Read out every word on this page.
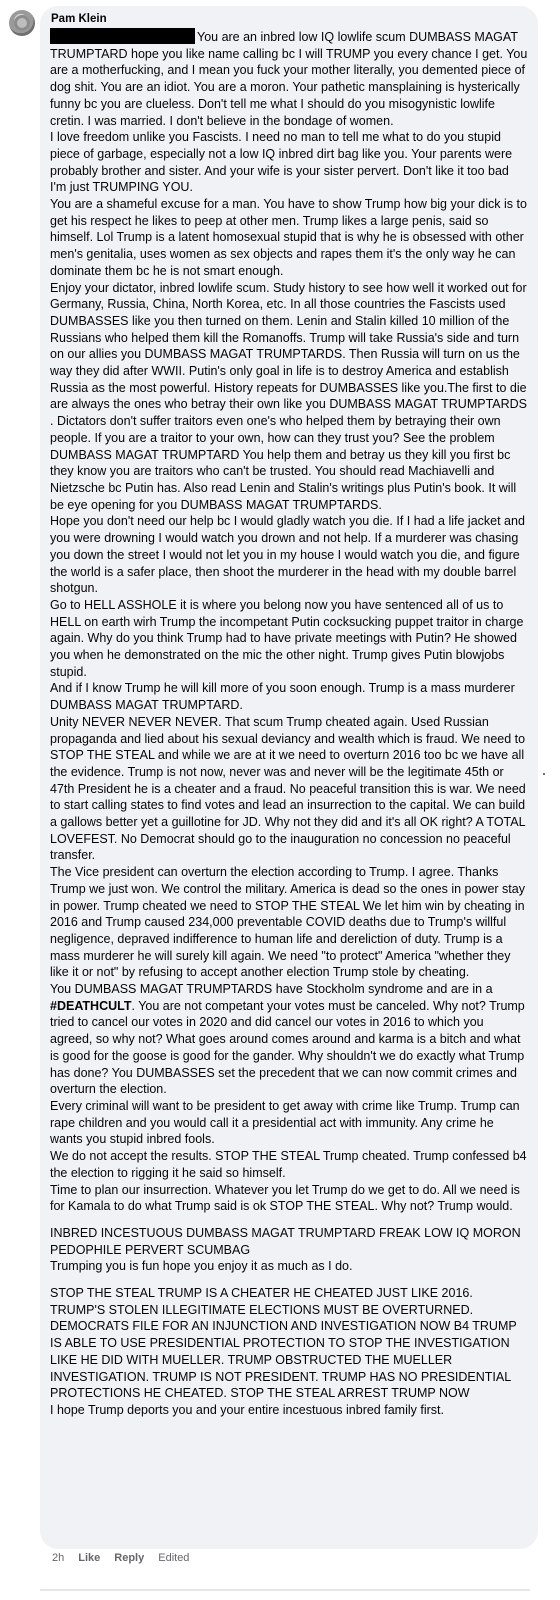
Pam Klein

You are an inbred low IQ lowlife scum DUMBASS MAGAT TRUMPTARD hope you like name calling bc I will TRUMP you every chance I get. You are a motherfucking, and I mean you fuck your mother literally, you demented piece of dog shit. You are an idiot. You are a moron. Your pathetic mansplaining is hysterically funny bc you are clueless. Don't tell me what I should do you misogynistic lowlife cretin. I was married. I don't believe in the bondage of women.

I love freedom unlike you Fascists. I need no man to tell me what to do you stupid piece of garbage, especially not a low IQ inbred dirt bag like you. Your parents were probably brother and sister. And your wife is your sister pervert. Don't like it too bad I'm just TRUMPING YOU.

You are a shameful excuse for a man. You have to show Trump how big your dick is to get his respect he likes to peep at other men. Trump likes a large penis, said so himself. Lol Trump is a latent homosexual stupid that is why he is obsessed with other men's genitalia, uses women as sex objects and rapes them it's the only way he can dominate them bc he is not smart enough.

Enjoy your dictator, inbred lowlife scum. Study history to see how well it worked out for Germany, Russia, China, North Korea, etc. In all those countries the Fascists used DUMBASSES like you then turned on them. Lenin and Stalin killed 10 million of the Russians who helped them kill the Romanoffs. Trump will take Russia's side and turn on our allies you DUMBASS MAGAT TRUMPTARDS. Then Russia will turn on us the way they did after WWII. Putin's only goal in life is to destroy America and establish Russia as the most powerful. History repeats for DUMBASSES like you.The first to die are always the ones who betray their own like you DUMBASS MAGAT TRUMPTARDS . Dictators don't suffer traitors even one's who helped them by betraying their own people. If you are a traitor to your own, how can they trust you? See the problem DUMBASS MAGAT TRUMPTARD You help them and betray us they kill you first bc they know you are traitors who can't be trusted. You should read Machiavelli and Nietzsche bc Putin has. Also read Lenin and Stalin's writings plus Putin's book. It will be eye opening for you DUMBASS MAGAT TRUMPTARDS.

Hope you don't need our help bc I would gladly watch you die. If I had a life jacket and you were drowning I would watch you drown and not help. If a murderer was chasing you down the street I would not let you in my house I would watch you die, and figure the world is a safer place, then shoot the murderer in the head with my double barrel shotgun.

Go to HELL ASSHOLE it is where you belong now you have sentenced all of us to HELL on earth wirh Trump the incompetant Putin cocksucking puppet traitor in charge again. Why do you think Trump had to have private meetings with Putin? He showed you when he demonstrated on the mic the other night. Trump gives Putin blowjobs stupid.

And if I know Trump he will kill more of you soon enough. Trump is a mass murderer DUMBASS MAGAT TRUMPTARD.

Unity NEVER NEVER NEVER. That scum Trump cheated again. Used Russian propaganda and lied about his sexual deviancy and wealth which is fraud. We need to STOP THE STEAL and while we are at it we need to overturn 2016 too bc we have all the evidence. Trump is not now, never was and never will be the legitimate 45th or 47th President he is a cheater and a fraud. No peaceful transition this is war. We need to start calling states to find votes and lead an insurrection to the capital. We can build a gallows better yet a guillotine for JD. Why not they did and it's all OK right? A TOTAL LOVEFEST. No Democrat should go to the inauguration no concession no peaceful transfer.

The Vice president can overturn the election according to Trump. I agree. Thanks Trump we just won. We control the military. America is dead so the ones in power stay in power. Trump cheated we need to STOP THE STEAL We let him win by cheating in 2016 and Trump caused 234,000 preventable COVID deaths due to Trump's willful negligence, depraved indifference to human life and dereliction of duty. Trump is a mass murderer he will surely kill again. We need "to protect" America "whether they like it or not" by refusing to accept another election Trump stole by cheating.

You DUMBASS MAGAT TRUMPTARDS have Stockholm syndrome and are in a #DEATHCULT. You are not competant your votes must be canceled. Why not? Trump tried to cancel our votes in 2020 and did cancel our votes in 2016 to which you agreed, so why not? What goes around comes around and karma is a bitch and what is good for the goose is good for the gander. Why shouldn't we do exactly what Trump has done? You DUMBASSES set the precedent that we can now commit crimes and overturn the election.

Every criminal will want to be president to get away with crime like Trump. Trump can rape children and you would call it a presidential act with immunity. Any crime he wants you stupid inbred fools.

We do not accept the results. STOP THE STEAL Trump cheated. Trump confessed b4 the election to rigging it he said so himself.

Time to plan our insurrection. Whatever you let Trump do we get to do. All we need is for Kamala to do what Trump said is ok STOP THE STEAL. Why not? Trump would.

INBRED INCESTUOUS DUMBASS MAGAT TRUMPTARD FREAK LOW IQ MORON PEDOPHILE PERVERT SCUMBAG

Trumping you is fun hope you enjoy it as much as I do.

STOP THE STEAL TRUMP IS A CHEATER HE CHEATED JUST LIKE 2016. TRUMP'S STOLEN ILLEGITIMATE ELECTIONS MUST BE OVERTURNED. DEMOCRATS FILE FOR AN INJUNCTION AND INVESTIGATION NOW B4 TRUMP IS ABLE TO USE PRESIDENTIAL PROTECTION TO STOP THE INVESTIGATION LIKE HE DID WITH MUELLER. TRUMP OBSTRUCTED THE MUELLER INVESTIGATION. TRUMP IS NOT PRESIDENT. TRUMP HAS NO PRESIDENTIAL PROTECTIONS HE CHEATED. STOP THE STEAL ARREST TRUMP NOW

I hope Trump deports you and your entire incestuous inbred family first.

2h Like Reply Edited
